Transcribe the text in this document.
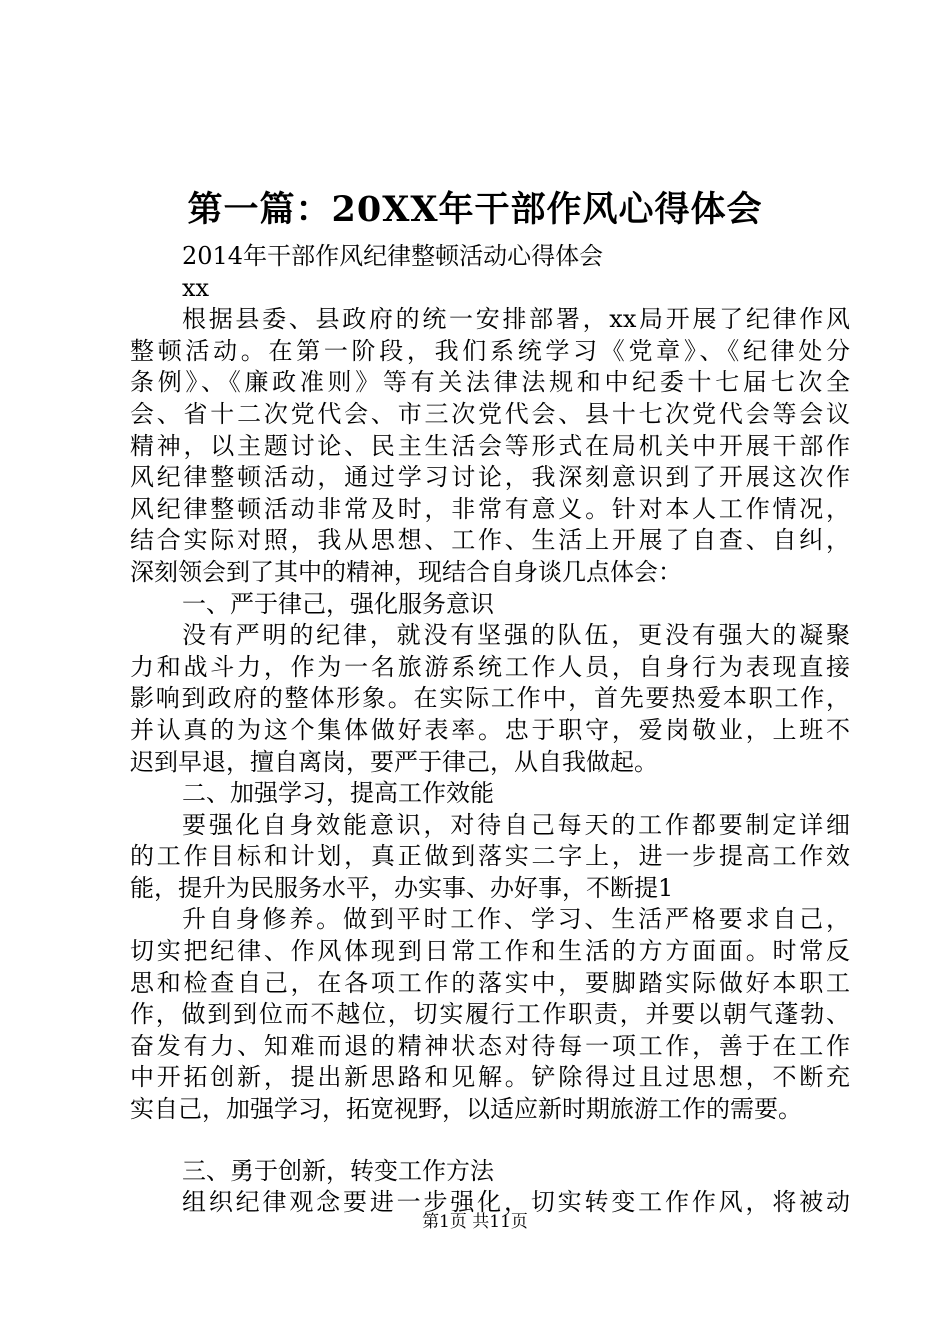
第一篇：20XX年干部作风心得体会
2014年干部作风纪律整顿活动心得体会
xx
根据县委、县政府的统一安排部署，xx局开展了纪律作风
整顿活动。在第一阶段，我们系统学习《党章》、《纪律处分
条例》、《廉政准则》等有关法律法规和中纪委十七届七次全
会、省十二次党代会、市三次党代会、县十七次党代会等会议
精神，以主题讨论、民主生活会等形式在局机关中开展干部作
风纪律整顿活动，通过学习讨论，我深刻意识到了开展这次作
风纪律整顿活动非常及时，非常有意义。针对本人工作情况，
结合实际对照，我从思想、工作、生活上开展了自查、自纠，
深刻领会到了其中的精神，现结合自身谈几点体会：
一、严于律己，强化服务意识
没有严明的纪律，就没有坚强的队伍，更没有强大的凝聚
力和战斗力，作为一名旅游系统工作人员，自身行为表现直接
影响到政府的整体形象。在实际工作中，首先要热爱本职工作，
并认真的为这个集体做好表率。忠于职守，爱岗敬业，上班不
迟到早退，擅自离岗，要严于律己，从自我做起。
二、加强学习，提高工作效能
要强化自身效能意识，对待自己每天的工作都要制定详细
的工作目标和计划，真正做到落实二字上，进一步提高工作效
能，提升为民服务水平，办实事、办好事，不断提1
升自身修养。做到平时工作、学习、生活严格要求自己，
切实把纪律、作风体现到日常工作和生活的方方面面。时常反
思和检查自己，在各项工作的落实中，要脚踏实际做好本职工
作，做到到位而不越位，切实履行工作职责，并要以朝气蓬勃、
奋发有力、知难而退的精神状态对待每一项工作，善于在工作
中开拓创新，提出新思路和见解。铲除得过且过思想，不断充
实自己，加强学习，拓宽视野，以适应新时期旅游工作的需要。
三、勇于创新，转变工作方法
组织纪律观念要进一步强化，切实转变工作作风，将被动
第1页 共11页
